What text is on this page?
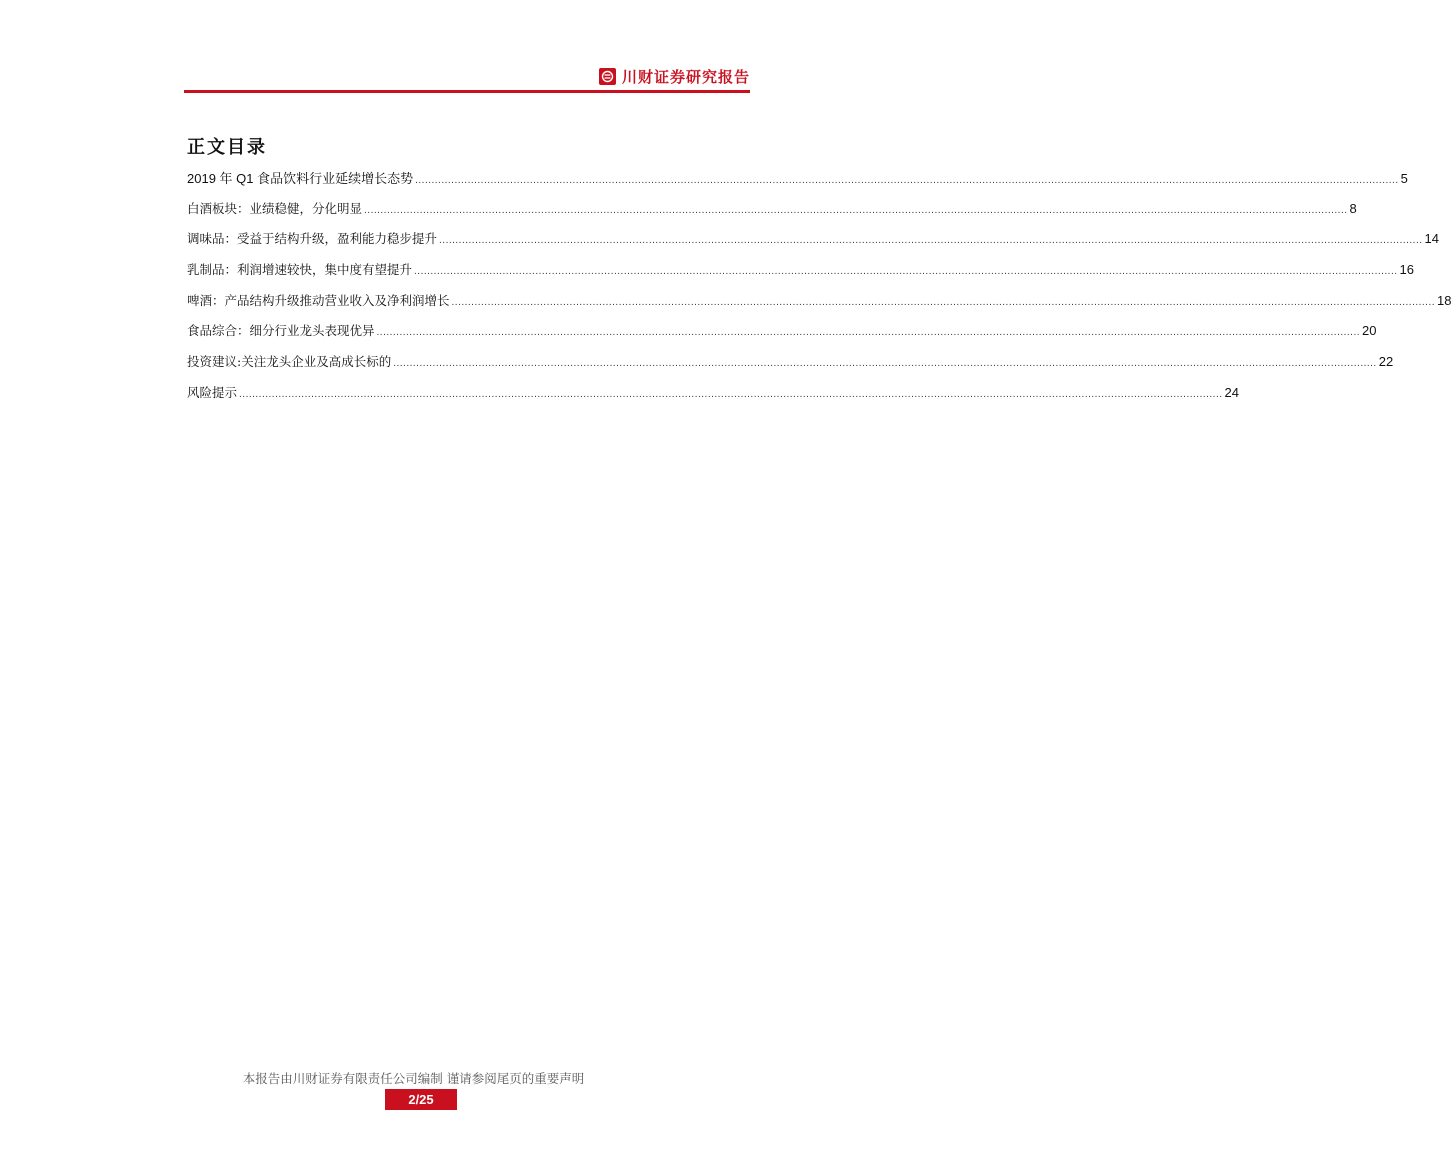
川财证券研究报告
正文目录
2019 年 Q1 食品饮料行业延续增长态势 ............................................................................................................................................................................................................................................................................................................ 5
白酒板块：业绩稳健，分化明显 ............................................................................................................................................................................................................................................................................................................ 8
调味品：受益于结构升级，盈利能力稳步提升 ............................................................................................................................................................................................................................................................................................................ 14
乳制品：利润增速较快，集中度有望提升 ............................................................................................................................................................................................................................................................................................................ 16
啤酒：产品结构升级推动营业收入及净利润增长 ............................................................................................................................................................................................................................................................................................................ 18
食品综合：细分行业龙头表现优异 ............................................................................................................................................................................................................................................................................................................ 20
投资建议:关注龙头企业及高成长标的 ............................................................................................................................................................................................................................................................................................................ 22
风险提示 ............................................................................................................................................................................................................................................................................................................ 24
本报告由川财证券有限责任公司编制 谨请参阅尾页的重要声明
2/25
